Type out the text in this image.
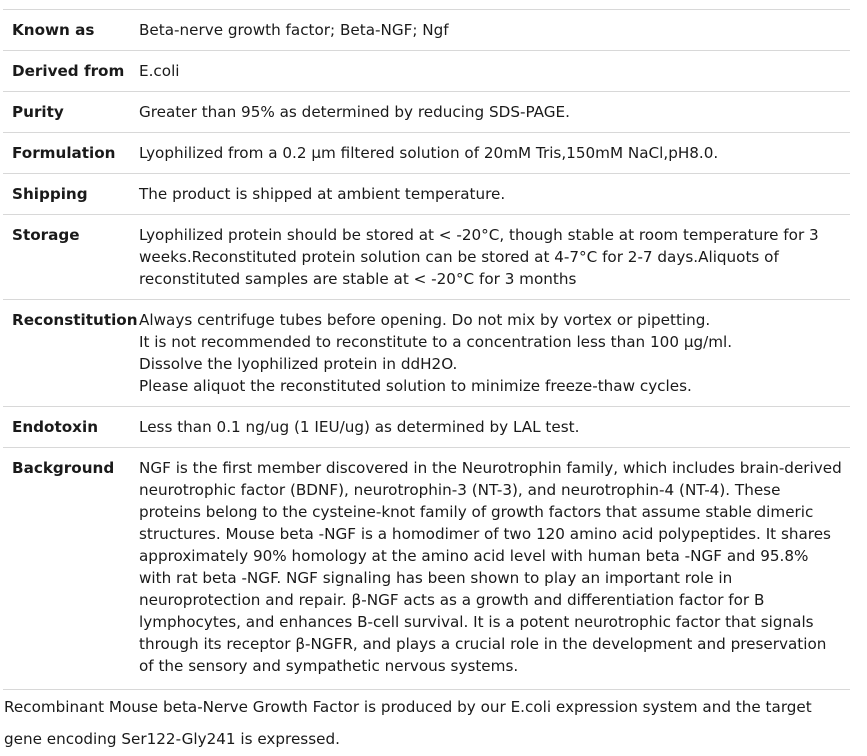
Known as	Beta-nerve growth factor; Beta-NGF; Ngf

Derived from	E.coli

Purity	Greater than 95% as determined by reducing SDS-PAGE.

Formulation	Lyophilized from a 0.2 μm filtered solution of 20mM Tris,150mM NaCl,pH8.0.

Shipping	The product is shipped at ambient temperature.

Storage	Lyophilized protein should be stored at < -20°C, though stable at room temperature for 3 weeks.Reconstituted protein solution can be stored at 4-7°C for 2-7 days.Aliquots of reconstituted samples are stable at < -20°C for 3 months

Reconstitution	Always centrifuge tubes before opening. Do not mix by vortex or pipetting.
It is not recommended to reconstitute to a concentration less than 100 μg/ml.
Dissolve the lyophilized protein in ddH2O.
Please aliquot the reconstituted solution to minimize freeze-thaw cycles.

Endotoxin	Less than 0.1 ng/ug (1 IEU/ug) as determined by LAL test.

Background	NGF is the first member discovered in the Neurotrophin family, which includes brain-derived neurotrophic factor (BDNF), neurotrophin-3 (NT-3), and neurotrophin-4 (NT-4). These proteins belong to the cysteine-knot family of growth factors that assume stable dimeric structures. Mouse beta -NGF is a homodimer of two 120 amino acid polypeptides. It shares approximately 90% homology at the amino acid level with human beta -NGF and 95.8% with rat beta -NGF. NGF signaling has been shown to play an important role in neuroprotection and repair. β-NGF acts as a growth and differentiation factor for B lymphocytes, and enhances B-cell survival. It is a potent neurotrophic factor that signals through its receptor β-NGFR, and plays a crucial role in the development and preservation of the sensory and sympathetic nervous systems.

Recombinant Mouse beta-Nerve Growth Factor is produced by our E.coli expression system and the target gene encoding Ser122-Gly241 is expressed.
